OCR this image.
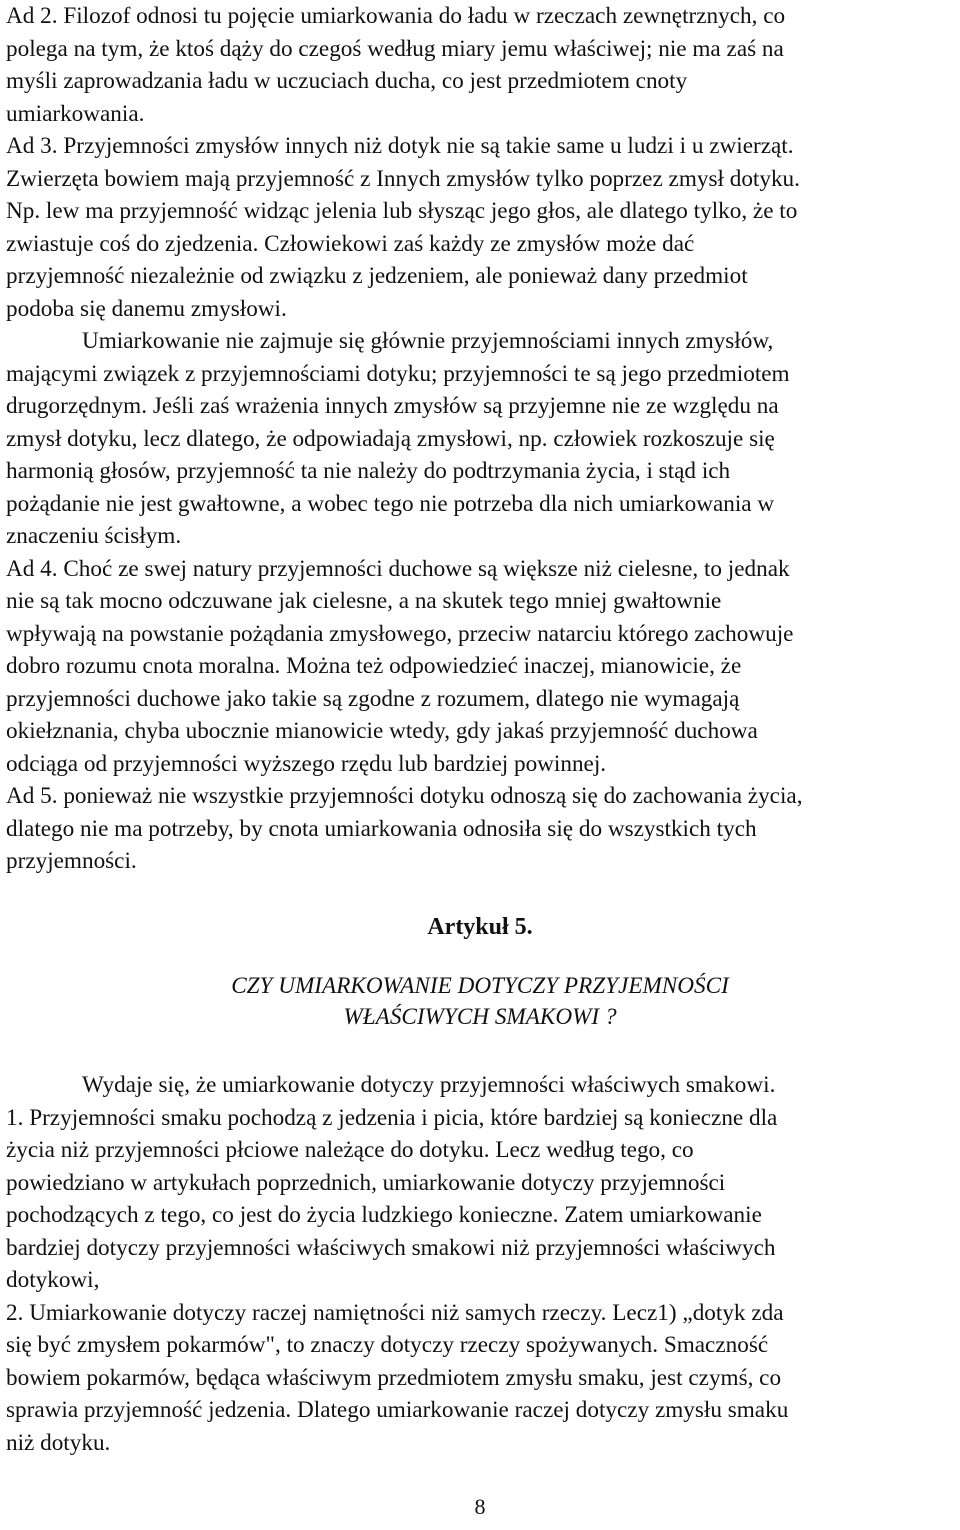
Ad 2. Filozof odnosi tu pojęcie umiarkowania do ładu w rzeczach zewnętrznych, co
polega na tym, że ktoś dąży do czegoś według miary jemu właściwej; nie ma zaś na
myśli zaprowadzania ładu w uczuciach ducha, co jest przedmiotem cnoty
umiarkowania.

Ad 3. Przyjemności zmysłów innych niż dotyk nie są takie same u ludzi i u zwierząt.
Zwierzęta bowiem mają przyjemność z Innych zmysłów tylko poprzez zmysł dotyku.
Np. lew ma przyjemność widząc jelenia lub słysząc jego głos, ale dlatego tylko, że to
zwiastuje coś do zjedzenia. Człowiekowi zaś każdy ze zmysłów może dać
przyjemność niezależnie od związku z jedzeniem, ale ponieważ dany przedmiot
podoba się danemu zmysłowi.

Umiarkowanie nie zajmuje się głównie przyjemnościami innych zmysłów,
mającymi związek z przyjemnościami dotyku; przyjemności te są jego przedmiotem
drugorzędnym. Jeśli zaś wrażenia innych zmysłów są przyjemne nie ze względu na
zmysł dotyku, lecz dlatego, że odpowiadają zmysłowi, np. człowiek rozkoszuje się
harmonią głosów, przyjemność ta nie należy do podtrzymania życia, i stąd ich
pożądanie nie jest gwałtowne, a wobec tego nie potrzeba dla nich umiarkowania w
znaczeniu ścisłym.

Ad 4. Choć ze swej natury przyjemności duchowe są większe niż cielesne, to jednak
nie są tak mocno odczuwane jak cielesne, a na skutek tego mniej gwałtownie
wpływają na powstanie pożądania zmysłowego, przeciw natarciu którego zachowuje
dobro rozumu cnota moralna. Można też odpowiedzieć inaczej, mianowicie, że
przyjemności duchowe jako takie są zgodne z rozumem, dlatego nie wymagają
okiełznania, chyba ubocznie mianowicie wtedy, gdy jakaś przyjemność duchowa
odciąga od przyjemności wyższego rzędu lub bardziej powinnej.

Ad 5. ponieważ nie wszystkie przyjemności dotyku odnoszą się do zachowania życia,
dlatego nie ma potrzeby, by cnota umiarkowania odnosiła się do wszystkich tych
przyjemności.

Artykuł 5.

CZY UMIARKOWANIE DOTYCZY PRZYJEMNOŚCI
WŁAŚCIWYCH SMAKOWI ?

Wydaje się, że umiarkowanie dotyczy przyjemności właściwych smakowi.

1. Przyjemności smaku pochodzą z jedzenia i picia, które bardziej są konieczne dla
życia niż przyjemności płciowe należące do dotyku. Lecz według tego, co
powiedziano w artykułach poprzednich, umiarkowanie dotyczy przyjemności
pochodzących z tego, co jest do życia ludzkiego konieczne. Zatem umiarkowanie
bardziej dotyczy przyjemności właściwych smakowi niż przyjemności właściwych
dotykowi,

2. Umiarkowanie dotyczy raczej namiętności niż samych rzeczy. Lecz1) „dotyk zda
się być zmysłem pokarmów", to znaczy dotyczy rzeczy spożywanych. Smaczność
bowiem pokarmów, będąca właściwym przedmiotem zmysłu smaku, jest czymś, co
sprawia przyjemność jedzenia. Dlatego umiarkowanie raczej dotyczy zmysłu smaku
niż dotyku.

8
